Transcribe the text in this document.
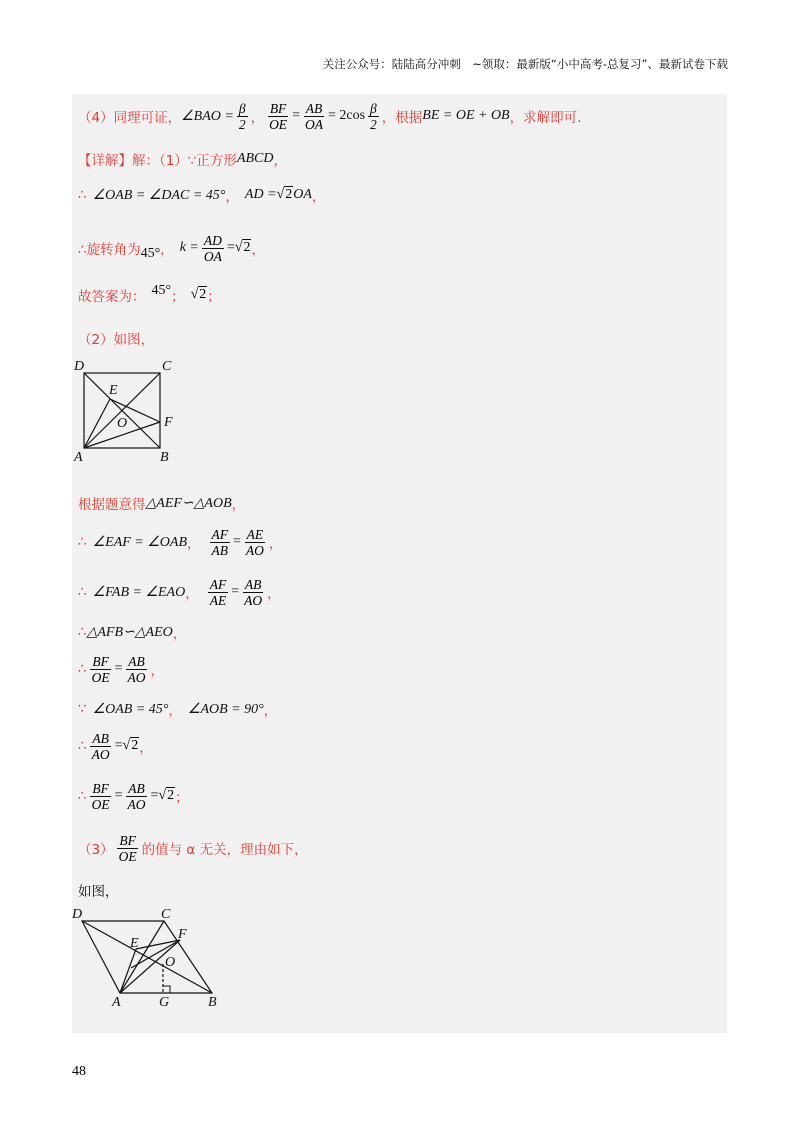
关注公众号：陆陆高分冲刺　~领取：最新版“小中高考-总复习”、最新试卷下载
（4）同理可证， ∠BAO = $\frac{\beta}{2}$ ， $\frac{BF}{OE} = \frac{AB}{OA} = 2\cos \frac{\beta}{2}$ ，根据 BE = OE + OB ，求解即可.
【详解】 解：（1）∵正方形 ABCD ，
∴ ∠OAB = ∠DAC = 45° ， AD = √2 OA ，
∴旋转角为 45° ， $k = \frac{AD}{OA} = √2$ ，
故答案为： 45° ； √2 ；
（2）如图，
D	C
E
O	F
A	B
根据题意得 △AEF∽△AOB ，
∴ ∠EAF = ∠OAB ， $\frac{AF}{AB} = \frac{AE}{AO}$ ，
∴ ∠FAB = ∠EAO ， $\frac{AF}{AE} = \frac{AB}{AO}$ ，
∴ △AFB∽△AEO ，
∴ $\frac{BF}{OE} = \frac{AB}{AO}$ ，
∵ ∠OAB = 45° ， ∠AOB = 90° ，
∴ $\frac{AB}{AO} = √2$ ，
∴ $\frac{BF}{OE} = \frac{AB}{AO} = √2$ ；
$(3) \frac{BF}{OE}$ 的值与 α 无关，理由如下，
如图，
D	C
E
F
O
A	G	B
48
